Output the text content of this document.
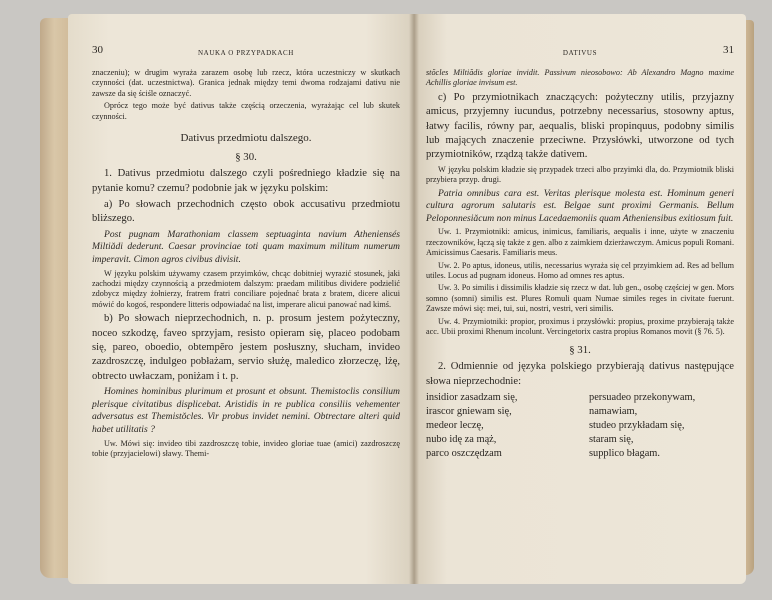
30	NAUKA O PRZYPADKACH

znaczeniu); w drugim wyraża zarazem osobę lub rzecz, która uczestniczy w skutkach czynności (dat. uczestnictwa). Granica jednak między temi dwoma rodzajami dativu nie zawsze da się ściśle oznaczyć.

Oprócz tego może być dativus także częścią orzeczenia, wyrażając cel lub skutek czynności.

Dativus przedmiotu dalszego.
§ 30.

1. Dativus przedmiotu dalszego czyli pośredniego kładzie się na pytanie komu? czemu? podobnie jak w języku polskim:

a) Po słowach przechodnich często obok accusativu przedmiotu bliższego.

Post pugnam Marathoniam classem septuaginta navium Atheniensés Miltiădi dederunt. Caesar provinciae toti quam maximum militum numerum imperavit. Cimon agros civibus divisit.

W języku polskim używamy czasem przyimków, chcąc dobitniej wyrazić stosunek, jaki zachodzi między czynnością a przedmiotem dalszym: praedam militibus dividere podzielić zdobycz między żołnierzy, fratrem fratri conciliare pojednać brata z bratem, dicere alicui mówić do kogoś, respondere litteris odpowiadać na list, imperare alicui panować nad kimś.

b) Po słowach nieprzechodnich, n. p. prosum jestem pożyteczny, noceo szkodzę, faveo sprzyjam, resisto opieram się, placeo podobam się, pareo, oboedio, obtempĕro jestem posłuszny, słucham, invideo zazdroszczę, indulgeo pobłażam, servio służę, maledico złorzeczę, lżę, obtrecto uwłaczam, poniżam i t. p.

Homines hominibus plurimum et prosunt et obsunt. Themistoclis consilium plerisque civitatibus displicebat. Aristidis in re publica consiliis vehementer adversatus est Themistŏcles. Vir probus invidet nemini. Obtrectare alteri quid habet utilitatis ?

Uw. Mówi się: invideo tibi zazdroszczę tobie, invideo gloriae tuae (amici) zazdroszczę tobie (przyjacielowi) sławy. Themi-

DATIVUS	31

stŏcles Miltiădis gloriae invidit. Passivum nieosobowo: Ab Alexandro Magno maxime Achillis gloriae invisum est.

c) Po przymiotnikach znaczących: pożyteczny utilis, przyjazny amicus, przyjemny iucundus, potrzebny necessarius, stosowny aptus, łatwy facilis, równy par, aequalis, bliski propinquus, podobny similis lub mających znaczenie przeciwne. Przysłówki, utworzone od tych przymiotników, rządzą także dativem.

W języku polskim kładzie się przypadek trzeci albo przyimki dla, do. Przymiotnik bliski przybiera przyp. drugi.

Patria omnibus cara est. Veritas plerisque molesta est. Hominum generi cultura agrorum salutaris est. Belgae sunt proximi Germanis. Bellum Peloponnesiăcum non minus Lacedaemoniis quam Atheniensibus exitiosum fuit.

Uw. 1. Przymiotniki: amicus, inimicus, familiaris, aequalis i inne, użyte w znaczeniu rzeczowników, łączą się także z gen. albo z zaimkiem dzierżawczym. Amicus populi Romani. Amicissimus Caesaris. Familiaris meus.

Uw. 2. Po aptus, idoneus, utilis, necessarius wyraża się cel przyimkiem ad. Res ad bellum utiles. Locus ad pugnam idoneus. Homo ad omnes res aptus.

Uw. 3. Po similis i dissimilis kładzie się rzecz w dat. lub gen., osobę częściej w gen. Mors somno (somni) similis est. Plures Romuli quam Numae similes reges in civitate fuerunt. Zawsze mówi się: mei, tui, sui, nostri, vestri, veri similis.

Uw. 4. Przymiotniki: propior, proximus i przysłówki: propius, proxime przybierają także acc. Ubii proximi Rhenum incolunt. Vercingetorix castra propius Romanos movit (§ 76. 5).

§ 31.

2. Odmiennie od języka polskiego przybierają dativus następujące słowa nieprzechodnie:

insidior zasadzam się,	persuadeo przekonywam,
irascor gniewam się,	namawiam,
medeor leczę,	studeo przykładam się,
nubo idę za mąż,	staram się,
parco oszczędzam	supplico błagam.
